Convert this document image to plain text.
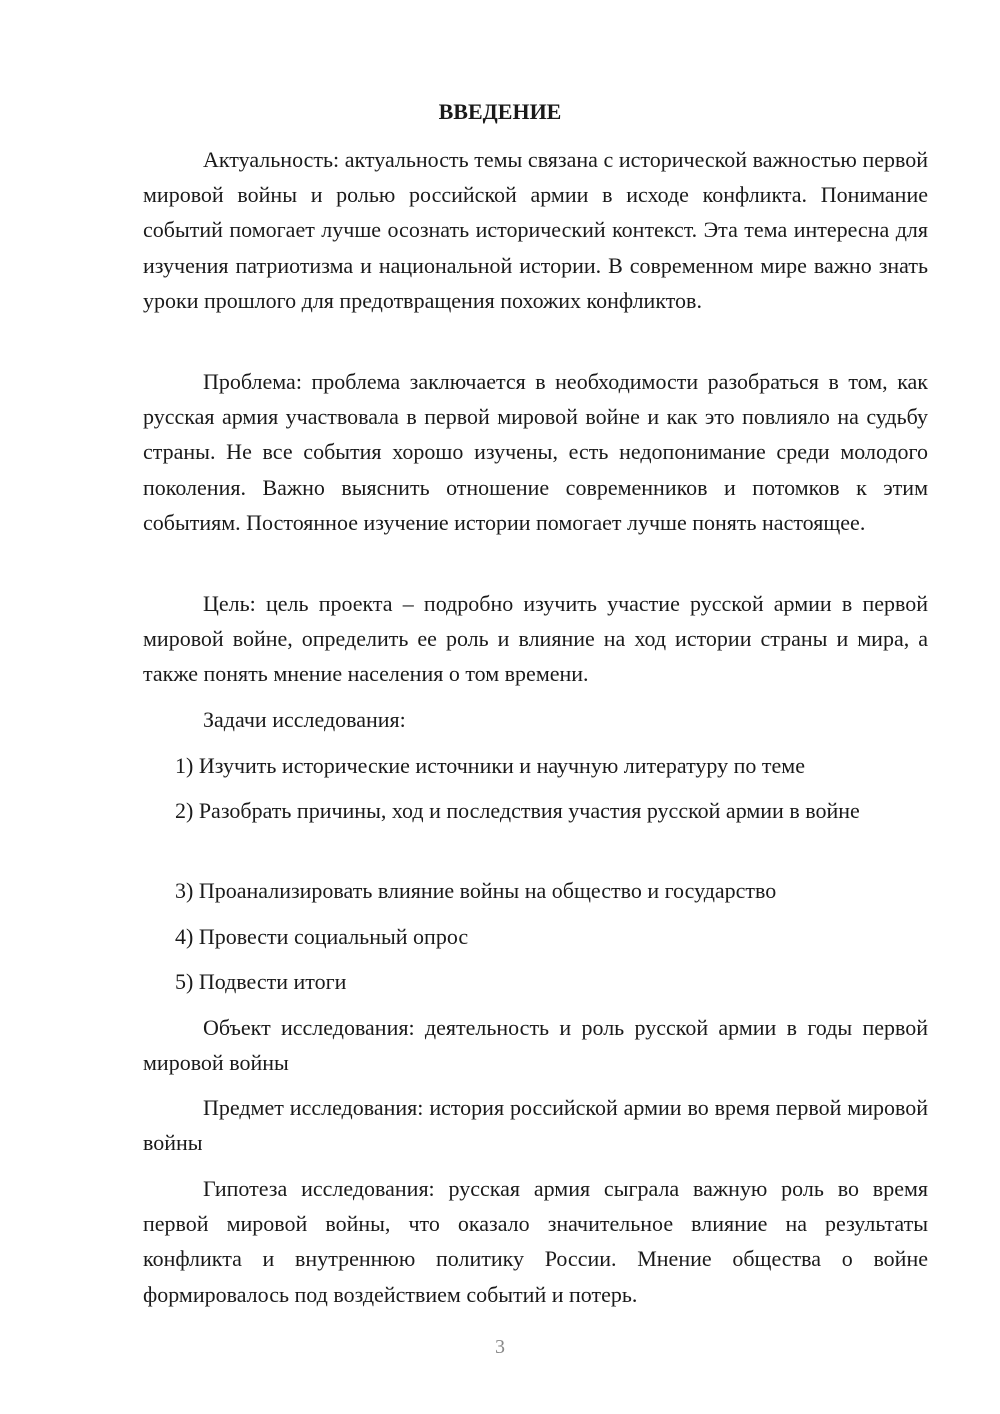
ВВЕДЕНИЕ

Актуальность: актуальность темы связана с исторической важностью первой мировой войны и ролью российской армии в исходе конфликта. Понимание событий помогает лучше осознать исторический контекст. Эта тема интересна для изучения патриотизма и национальной истории. В современном мире важно знать уроки прошлого для предотвращения похожих конфликтов.

Проблема: проблема заключается в необходимости разобраться в том, как русская армия участвовала в первой мировой войне и как это повлияло на судьбу страны. Не все события хорошо изучены, есть недопонимание среди молодого поколения. Важно выяснить отношение современников и потомков к этим событиям. Постоянное изучение истории помогает лучше понять настоящее.

Цель: цель проекта – подробно изучить участие русской армии в первой мировой войне, определить ее роль и влияние на ход истории страны и мира, а также понять мнение населения о том времени.

Задачи исследования:

1) Изучить исторические источники и научную литературу по теме

2) Разобрать причины, ход и последствия участия русской армии в войне

3) Проанализировать влияние войны на общество и государство

4) Провести социальный опрос

5) Подвести итоги

Объект исследования: деятельность и роль русской армии в годы первой мировой войны

Предмет исследования: история российской армии во время первой мировой войны

Гипотеза исследования: русская армия сыграла важную роль во время первой мировой войны, что оказало значительное влияние на результаты конфликта и внутреннюю политику России. Мнение общества о войне формировалось под воздействием событий и потерь.

3
